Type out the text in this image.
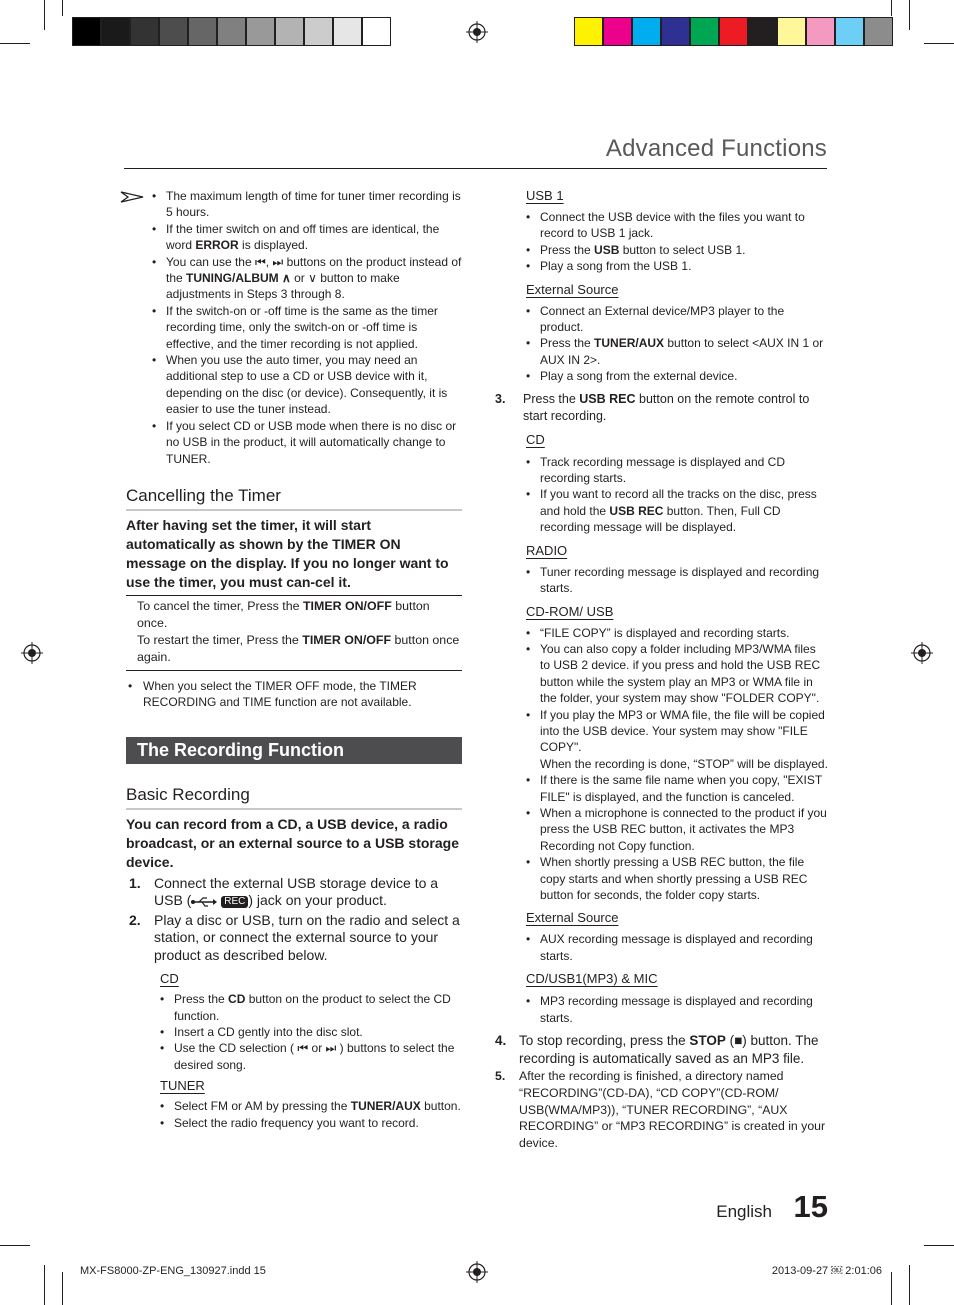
Advanced Functions
• The maximum length of time for tuner timer recording is 5 hours.
• If the timer switch on and off times are identical, the word ERROR is displayed.
• You can use the ⏮, ⏭ buttons on the product instead of the TUNING/ALBUM ∧ or ∨ button to make adjustments in Steps 3 through 8.
• If the switch-on or -off time is the same as the timer recording time, only the switch-on or -off time is effective, and the timer recording is not applied.
• When you use the auto timer, you may need an additional step to use a CD or USB device with it, depending on the disc (or device). Consequently, it is easier to use the tuner instead.
• If you select CD or USB mode when there is no disc or no USB in the product, it will automatically change to TUNER.
Cancelling the Timer
After having set the timer, it will start automatically as shown by the TIMER ON message on the display. If you no longer want to use the timer, you must can-cel it.
To cancel the timer, Press the TIMER ON/OFF button once.
To restart the timer, Press the TIMER ON/OFF button once again.
• When you select the TIMER OFF mode, the TIMER RECORDING and TIME function are not available.
The Recording Function
Basic Recording
You can record from a CD, a USB device, a radio broadcast, or an external source to a USB storage device.
1. Connect the external USB storage device to a USB (	REC ) jack on your product.
2. Play a disc or USB, turn on the radio and select a station, or connect the external source to your product as described below.
CD
• Press the CD button on the product to select the CD function.
• Insert a CD gently into the disc slot.
• Use the CD selection ( ⏮ or ⏭ ) buttons to select the desired song.
TUNER
• Select FM or AM by pressing the TUNER/AUX button.
• Select the radio frequency you want to record.
USB 1
• Connect the USB device with the files you want to record to USB 1 jack.
• Press the USB button to select USB 1.
• Play a song from the USB 1.
External Source
• Connect an External device/MP3 player to the product.
• Press the TUNER/AUX button to select <AUX IN 1 or AUX IN 2>.
• Play a song from the external device.
3. Press the USB REC button on the remote control to start recording.
CD
• Track recording message is displayed and CD recording starts.
• If you want to record all the tracks on the disc, press and hold the USB REC button. Then, Full CD recording message will be displayed.
RADIO
• Tuner recording message is displayed and recording starts.
CD-ROM/ USB
• “FILE COPY” is displayed and recording starts.
• You can also copy a folder including MP3/WMA files to USB 2 device. if you press and hold the USB REC button while the system play an MP3 or WMA file in the folder, your system may show "FOLDER COPY".
• If you play the MP3 or WMA file, the file will be copied into the USB device. Your system may show "FILE COPY".
When the recording is done, “STOP” will be displayed.
• If there is the same file name when you copy, "EXIST FILE" is displayed, and the function is canceled.
• When a microphone is connected to the product if you press the USB REC button, it activates the MP3 Recording not Copy function.
• When shortly pressing a USB REC button, the file copy starts and when shortly pressing a USB REC button for seconds, the folder copy starts.
External Source
• AUX recording message is displayed and recording starts.
CD/USB1(MP3) & MIC
• MP3 recording message is displayed and recording starts.
4. To stop recording, press the STOP (■) button. The recording is automatically saved as an MP3 file.
5. After the recording is finished, a directory named “RECORDING”(CD-DA), “CD COPY”(CD-ROM/ USB(WMA/MP3)), “TUNER RECORDING”, “AUX RECORDING” or “MP3 RECORDING” is created in your device.
English 15
MX-FS8000-ZP-ENG_130927.indd 15	2013-09-27 ￼ 2:01:06
